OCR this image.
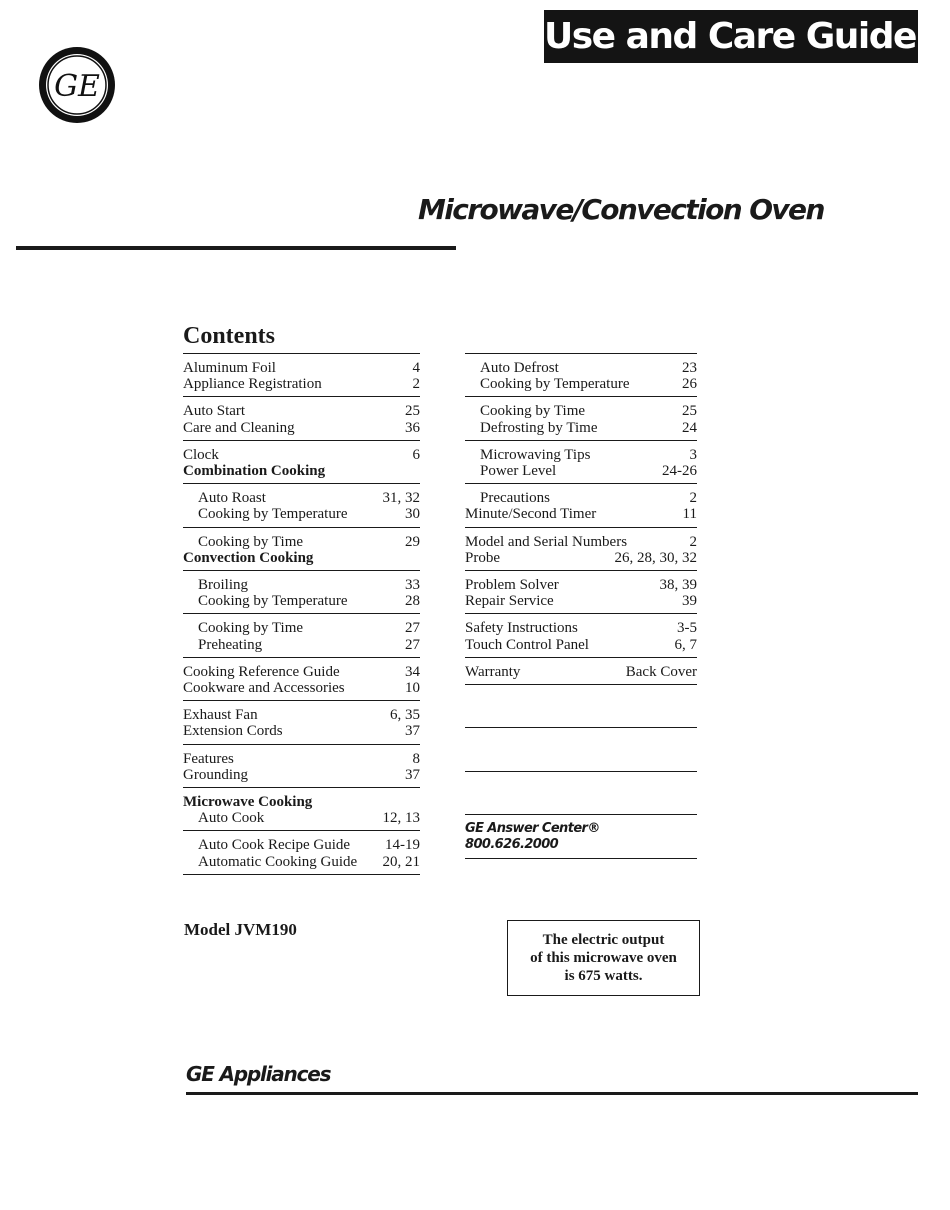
Use and Care Guide
GE
Microwave/Convection Oven
Contents
Aluminum Foil	4
Appliance Registration	2
Auto Start	25
Care and Cleaning	36
Clock	6
Combination Cooking
Auto Roast	31, 32
Cooking by Temperature	30
Cooking by Time	29
Convection Cooking
Broiling	33
Cooking by Temperature	28
Cooking by Time	27
Preheating	27
Cooking Reference Guide	34
Cookware and Accessories	10
Exhaust Fan	6, 35
Extension Cords	37
Features	8
Grounding	37
Microwave Cooking
Auto Cook	12, 13
Auto Cook Recipe Guide 14-19
Automatic Cooking Guide 20, 21
Auto Defrost	23
Cooking by Temperature	26
Cooking by Time	25
Defrosting by Time	24
Microwaving Tips	3
Power Level	24-26
Precautions	2
Minute/Second Timer	11
Model and Serial Numbers	2
Probe	26, 28, 30, 32
Problem Solver	38, 39
Repair Service	39
Safety Instructions	3-5
Touch Control Panel	6, 7
Warranty	Back Cover
GE Answer Center®
800.626.2000
Model JVM190
The electric output
of this microwave oven
is 675 watts.
GE Appliances
